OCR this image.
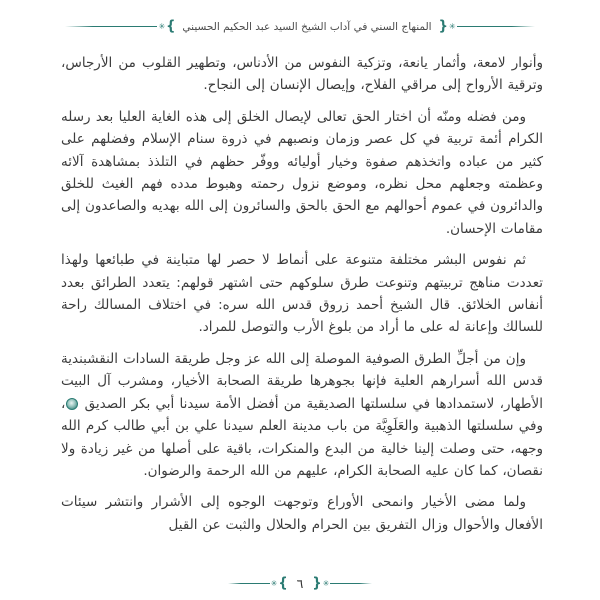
✳ { المنهاج السني في آداب الشيخ السيد عبد الحكيم الحسيني } ✳

وأنوار لامعة، وأثمار يانعة، وتزكية النفوس من الأدناس، وتطهير القلوب من الأرجاس، وترقية الأرواح إلى مراقي الفلاح، وإيصال الإنسان إلى النجاح.

ومن فضله ومنّه أن اختار الحق تعالى لإيصال الخلق إلى هذه الغاية العليا بعد رسله الكرام أئمة تربية في كل عصر وزمان ونصبهم في ذروة سنام الإسلام وفضلهم على كثير من عباده واتخذهم صفوة وخيار أوليائه ووفّر حظهم في التلذذ بمشاهدة آلائه وعظمته وجعلهم محل نظره، وموضع نزول رحمته وهبوط مدده فهم الغيث للخلق والدائرون في عموم أحوالهم مع الحق بالحق والسائرون إلى الله بهديه والصاعدون إلى مقامات الإحسان.

ثم نفوس البشر مختلفة متنوعة على أنماط لا حصر لها متباينة في طبائعها ولهذا تعددت مناهج تربيتهم وتنوعت طرق سلوكهم حتى اشتهر قولهم: يتعدد الطرائق بعدد أنفاس الخلائق. قال الشيخ أحمد زروق قدس الله سره: في اختلاف المسالك راحة للسالك وإعانة له على ما أراد من بلوغ الأرب والتوصل للمراد.

وإن من أجلِّ الطرق الصوفية الموصلة إلى الله عز وجل طريقة السادات النقشبندية قدس الله أسرارهم العلية فإنها بجوهرها طريقة الصحابة الأخيار، ومشرب آل البيت الأطهار، لاستمدادها في سلسلتها الصديقية من أفضل الأمة سيدنا أبي بكر الصديق ، وفي سلسلتها الذهبية والعَلَوِيَّة من باب مدينة العلم سيدنا علي بن أبي طالب كرم الله وجهه، حتى وصلت إلينا خالية من البدع والمنكرات، باقية على أصلها من غير زيادة ولا نقصان، كما كان عليه الصحابة الكرام، عليهم من الله الرحمة والرضوان.

ولما مضى الأخيار وانمحى الأوراع وتوجهت الوجوه إلى الأشرار وانتشر سيئات الأفعال والأحوال وزال التفريق بين الحرام والحلال والثبت عن القيل

✳ { ٦ } ✳
